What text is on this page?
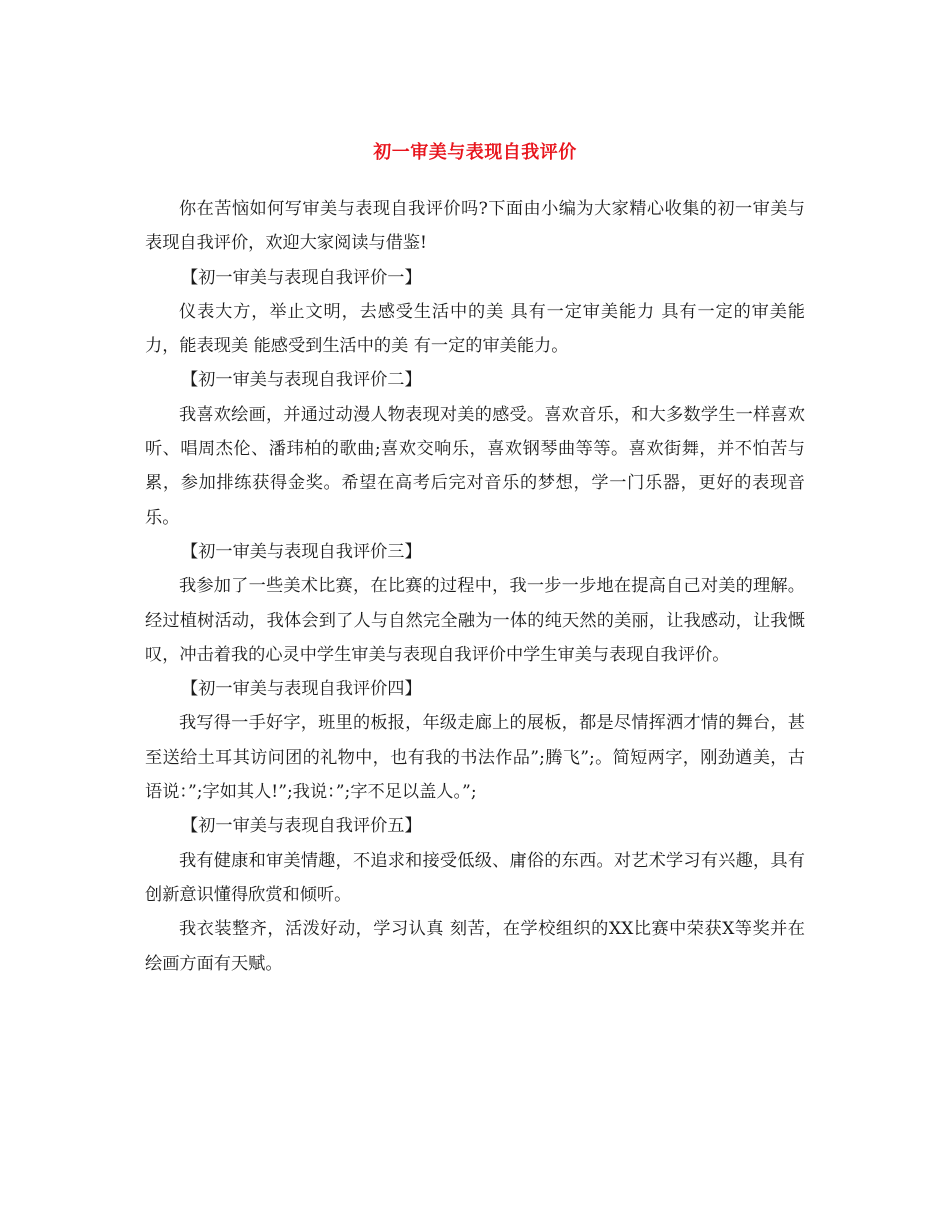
初一审美与表现自我评价

你在苦恼如何写审美与表现自我评价吗?下面由小编为大家精心收集的初一审美与表现自我评价，欢迎大家阅读与借鉴!

【初一审美与表现自我评价一】

仪表大方，举止文明，去感受生活中的美 具有一定审美能力 具有一定的审美能力，能表现美 能感受到生活中的美 有一定的审美能力。

【初一审美与表现自我评价二】

我喜欢绘画，并通过动漫人物表现对美的感受。喜欢音乐，和大多数学生一样喜欢听、唱周杰伦、潘玮柏的歌曲;喜欢交响乐，喜欢钢琴曲等等。喜欢街舞，并不怕苦与累，参加排练获得金奖。希望在高考后完对音乐的梦想，学一门乐器，更好的表现音乐。

【初一审美与表现自我评价三】

我参加了一些美术比赛，在比赛的过程中，我一步一步地在提高自己对美的理解。经过植树活动，我体会到了人与自然完全融为一体的纯天然的美丽，让我感动，让我慨叹，冲击着我的心灵中学生审美与表现自我评价中学生审美与表现自我评价。

【初一审美与表现自我评价四】

我写得一手好字，班里的板报，年级走廊上的展板，都是尽情挥洒才情的舞台，甚至送给土耳其访问团的礼物中，也有我的书法作品”;腾飞”;。简短两字，刚劲遒美，古语说：”;字如其人!”;我说：”;字不足以盖人。”;

【初一审美与表现自我评价五】

我有健康和审美情趣，不追求和接受低级、庸俗的东西。对艺术学习有兴趣，具有创新意识懂得欣赏和倾听。

我衣装整齐，活泼好动，学习认真 刻苦，在学校组织的XX比赛中荣获X等奖并在绘画方面有天赋。
